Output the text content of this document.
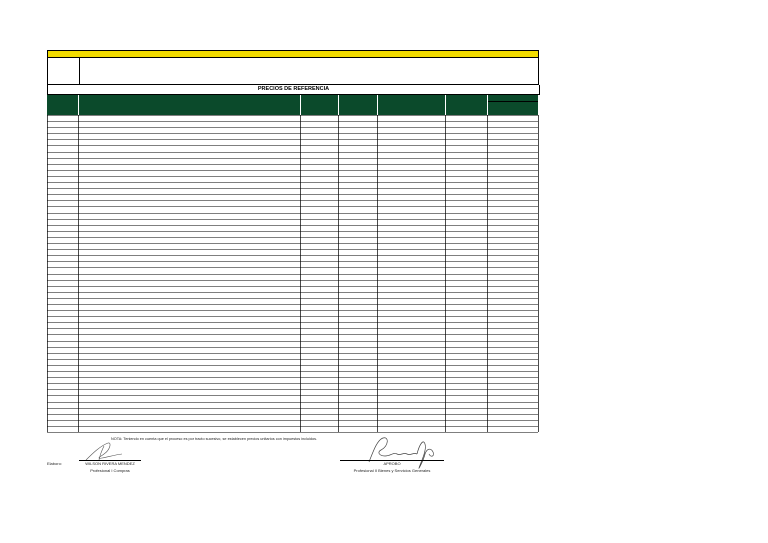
PRECIOS DE REFERENCIA
NOTA: Teniendo en cuenta que el proceso es por tracto sucesivo, se establecen precios unitarios con impuestos incluidos.
Elaboro:	WILSON RIVERA MENDEZ
Profesional I Compras
APROBO
Profesional II Bienes y Servicios Generales
